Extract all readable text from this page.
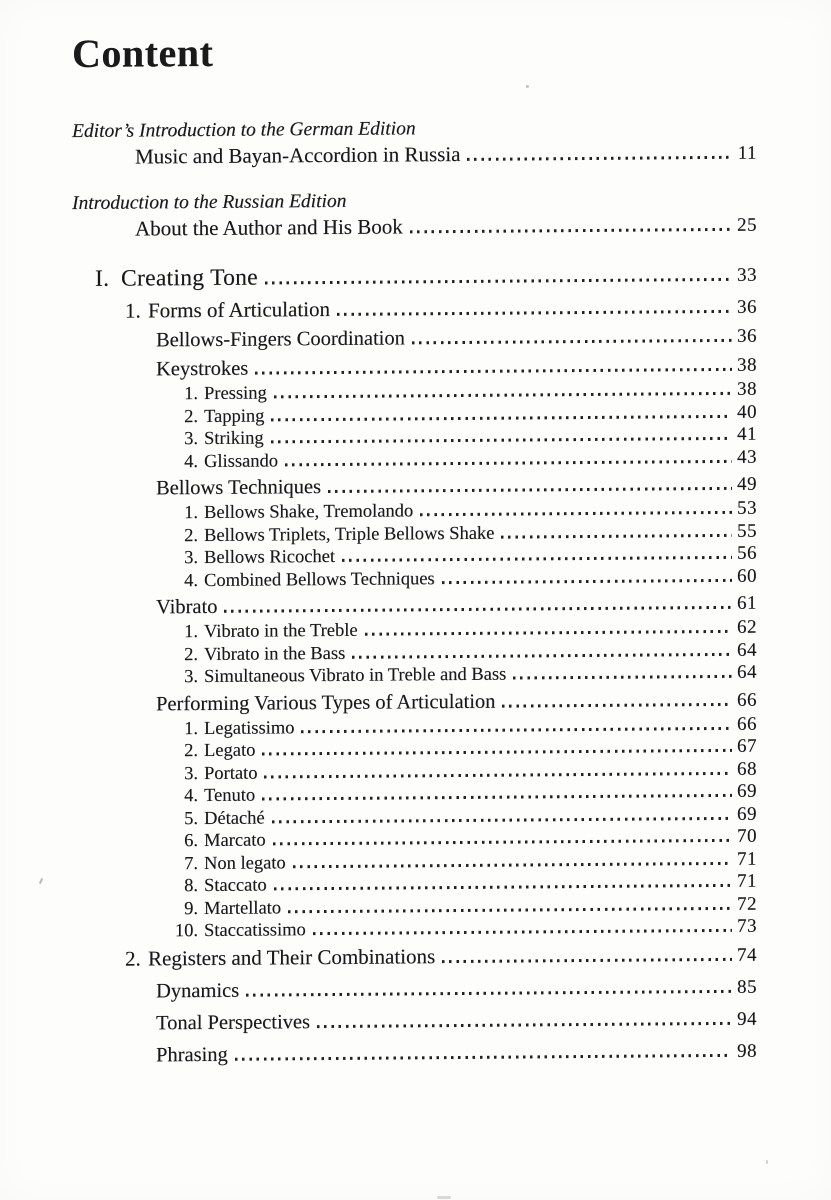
Content
Editor’s Introduction to the German Edition
Music and Bayan-Accordion in Russia	11
Introduction to the Russian Edition
About the Author and His Book	25
I. Creating Tone	33
1. Forms of Articulation	36
Bellows-Fingers Coordination	36
Keystrokes	38
1. Pressing	38
2. Tapping	40
3. Striking	41
4. Glissando	43
Bellows Techniques	49
1. Bellows Shake, Tremolando	53
2. Bellows Triplets, Triple Bellows Shake	55
3. Bellows Ricochet	56
4. Combined Bellows Techniques	60
Vibrato	61
1. Vibrato in the Treble	62
2. Vibrato in the Bass	64
3. Simultaneous Vibrato in Treble and Bass	64
Performing Various Types of Articulation	66
1. Legatissimo	66
2. Legato	67
3. Portato	68
4. Tenuto	69
5. Détaché	69
6. Marcato	70
7. Non legato	71
8. Staccato	71
9. Martellato	72
10. Staccatissimo	73
2. Registers and Their Combinations	74
Dynamics	85
Tonal Perspectives	94
Phrasing	98
